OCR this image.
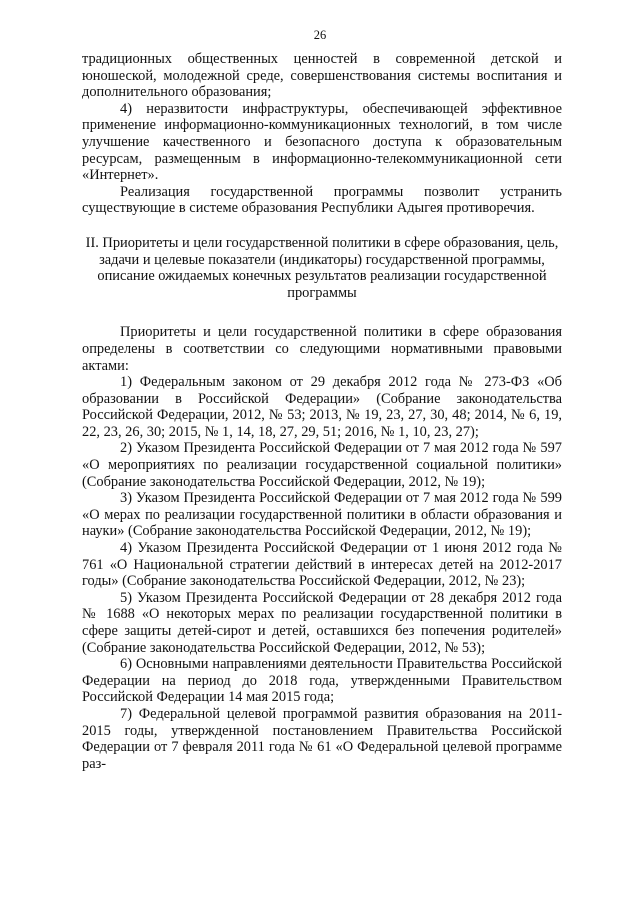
26

традиционных общественных ценностей в современной детской и юношеской, молодежной среде, совершенствования системы воспитания и дополнительного образования;

4) неразвитости инфраструктуры, обеспечивающей эффективное применение информационно-коммуникационных технологий, в том числе улучшение качественного и безопасного доступа к образовательным ресурсам, размещенным в информационно-телекоммуникационной сети «Интернет».

Реализация государственной программы позволит устранить существующие в системе образования Республики Адыгея противоречия.

II. Приоритеты и цели государственной политики в сфере образования, цель, задачи и целевые показатели (индикаторы) государственной программы, описание ожидаемых конечных результатов реализации государственной программы

Приоритеты и цели государственной политики в сфере образования определены в соответствии со следующими нормативными правовыми актами:

1) Федеральным законом от 29 декабря 2012 года № 273-ФЗ «Об образовании в Российской Федерации» (Собрание законодательства Российской Федерации, 2012, № 53; 2013, № 19, 23, 27, 30, 48; 2014, № 6, 19, 22, 23, 26, 30; 2015, № 1, 14, 18, 27, 29, 51; 2016, № 1, 10, 23, 27);

2) Указом Президента Российской Федерации от 7 мая 2012 года № 597 «О мероприятиях по реализации государственной социальной политики» (Собрание законодательства Российской Федерации, 2012, № 19);

3) Указом Президента Российской Федерации от 7 мая 2012 года № 599 «О мерах по реализации государственной политики в области образования и науки» (Собрание законодательства Российской Федерации, 2012, № 19);

4) Указом Президента Российской Федерации от 1 июня 2012 года № 761 «О Национальной стратегии действий в интересах детей на 2012-2017 годы» (Собрание законодательства Российской Федерации, 2012, № 23);

5) Указом Президента Российской Федерации от 28 декабря 2012 года № 1688 «О некоторых мерах по реализации государственной политики в сфере защиты детей-сирот и детей, оставшихся без попечения родителей» (Собрание законодательства Российской Федерации, 2012, № 53);

6) Основными направлениями деятельности Правительства Российской Федерации на период до 2018 года, утвержденными Правительством Российской Федерации 14 мая 2015 года;

7) Федеральной целевой программой развития образования на 2011-2015 годы, утвержденной постановлением Правительства Российской Федерации от 7 февраля 2011 года № 61 «О Федеральной целевой программе раз-
